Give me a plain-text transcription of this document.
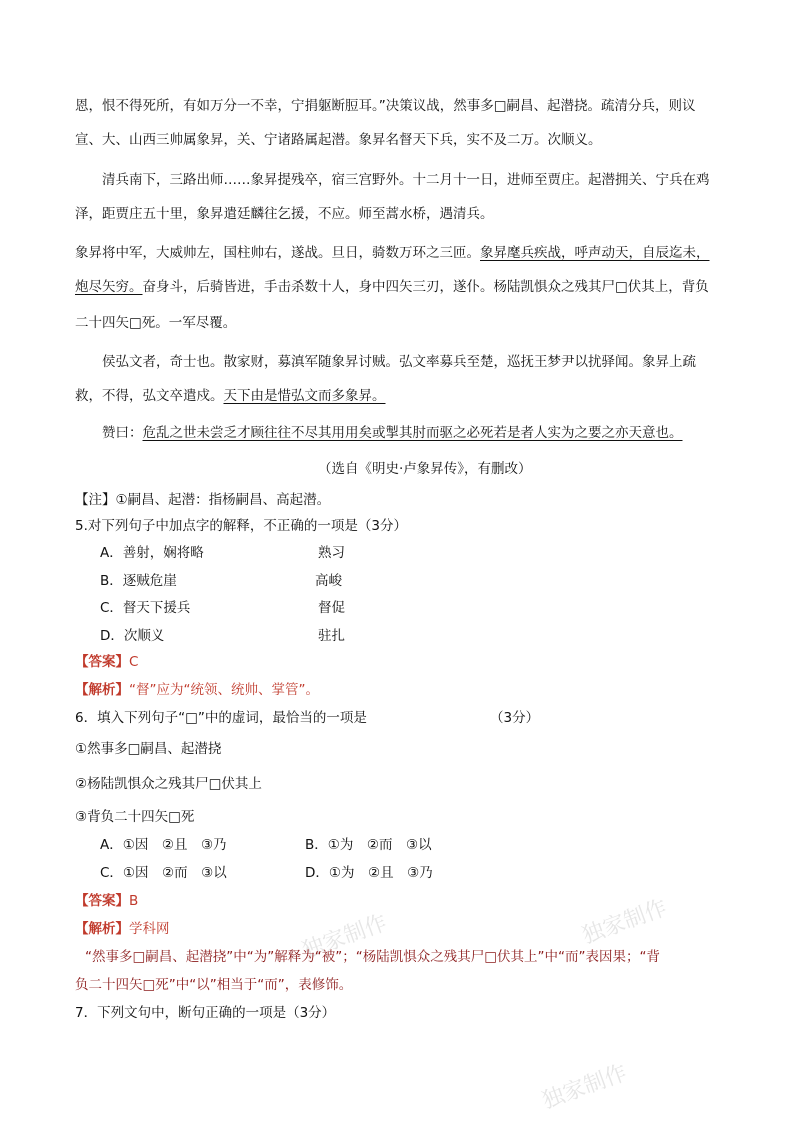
独家制作	独家制作
独家制作
恩，恨不得死所，有如万分一不幸，宁捐躯断脰耳。”决策议战，然事多□嗣昌、起潜挠。疏清分兵，则议
宣、大、山西三帅属象昇，关、宁诸路属起潜。象昇名督天下兵，实不及二万。次顺义。
清兵南下，三路出师……象昇提残卒，宿三宫野外。十二月十一日，进师至贾庄。起潜拥关、宁兵在鸡
泽，距贾庄五十里，象昇遣廷麟往乞援，不应。师至蒿水桥，遇清兵。
象昇将中军，大威帅左，国柱帅右，遂战。旦日，骑数万环之三匝。象昇麾兵疾战，呼声动天，自辰迄未，
炮尽矢穷。奋身斗，后骑皆进，手击杀数十人，身中四矢三刃，遂仆。杨陆凯惧众之残其尸□伏其上，背负
二十四矢□死。一军尽覆。
侯弘文者，奇士也。散家财，募滇军随象昇讨贼。弘文率募兵至楚，巡抚王梦尹以扰驿闻。象昇上疏
救，不得，弘文卒遣戍。天下由是惜弘文而多象昇。
赞曰：危乱之世未尝乏才顾往往不尽其用用矣或掣其肘而驱之必死若是者人实为之要之亦天意也。
（选自《明史·卢象昇传》，有删改）
【注】①嗣昌、起潜：指杨嗣昌、高起潜。
5.对下列句子中加点字的解释，不正确的一项是（3分）
A．善射，娴将略	熟习
B．逐贼危崖	高峻
C．督天下援兵	督促
D．次顺义	驻扎
【答案】C
【解析】“督”应为“统领、统帅、掌管”。
6．填入下列句子“□”中的虚词，最恰当的一项是	（3分）
①然事多□嗣昌、起潜挠
②杨陆凯惧众之残其尸□伏其上
③背负二十四矢□死
A．①因　②且　③乃	B．①为　②而　③以
C．①因　②而　③以	D．①为　②且　③乃
【答案】B
【解析】学科网
“然事多□嗣昌、起潜挠”中“为”解释为“被”；“杨陆凯惧众之残其尸□伏其上”中“而”表因果；“背
负二十四矢□死”中“以”相当于“而”，表修饰。
7．下列文句中，断句正确的一项是（3分）
